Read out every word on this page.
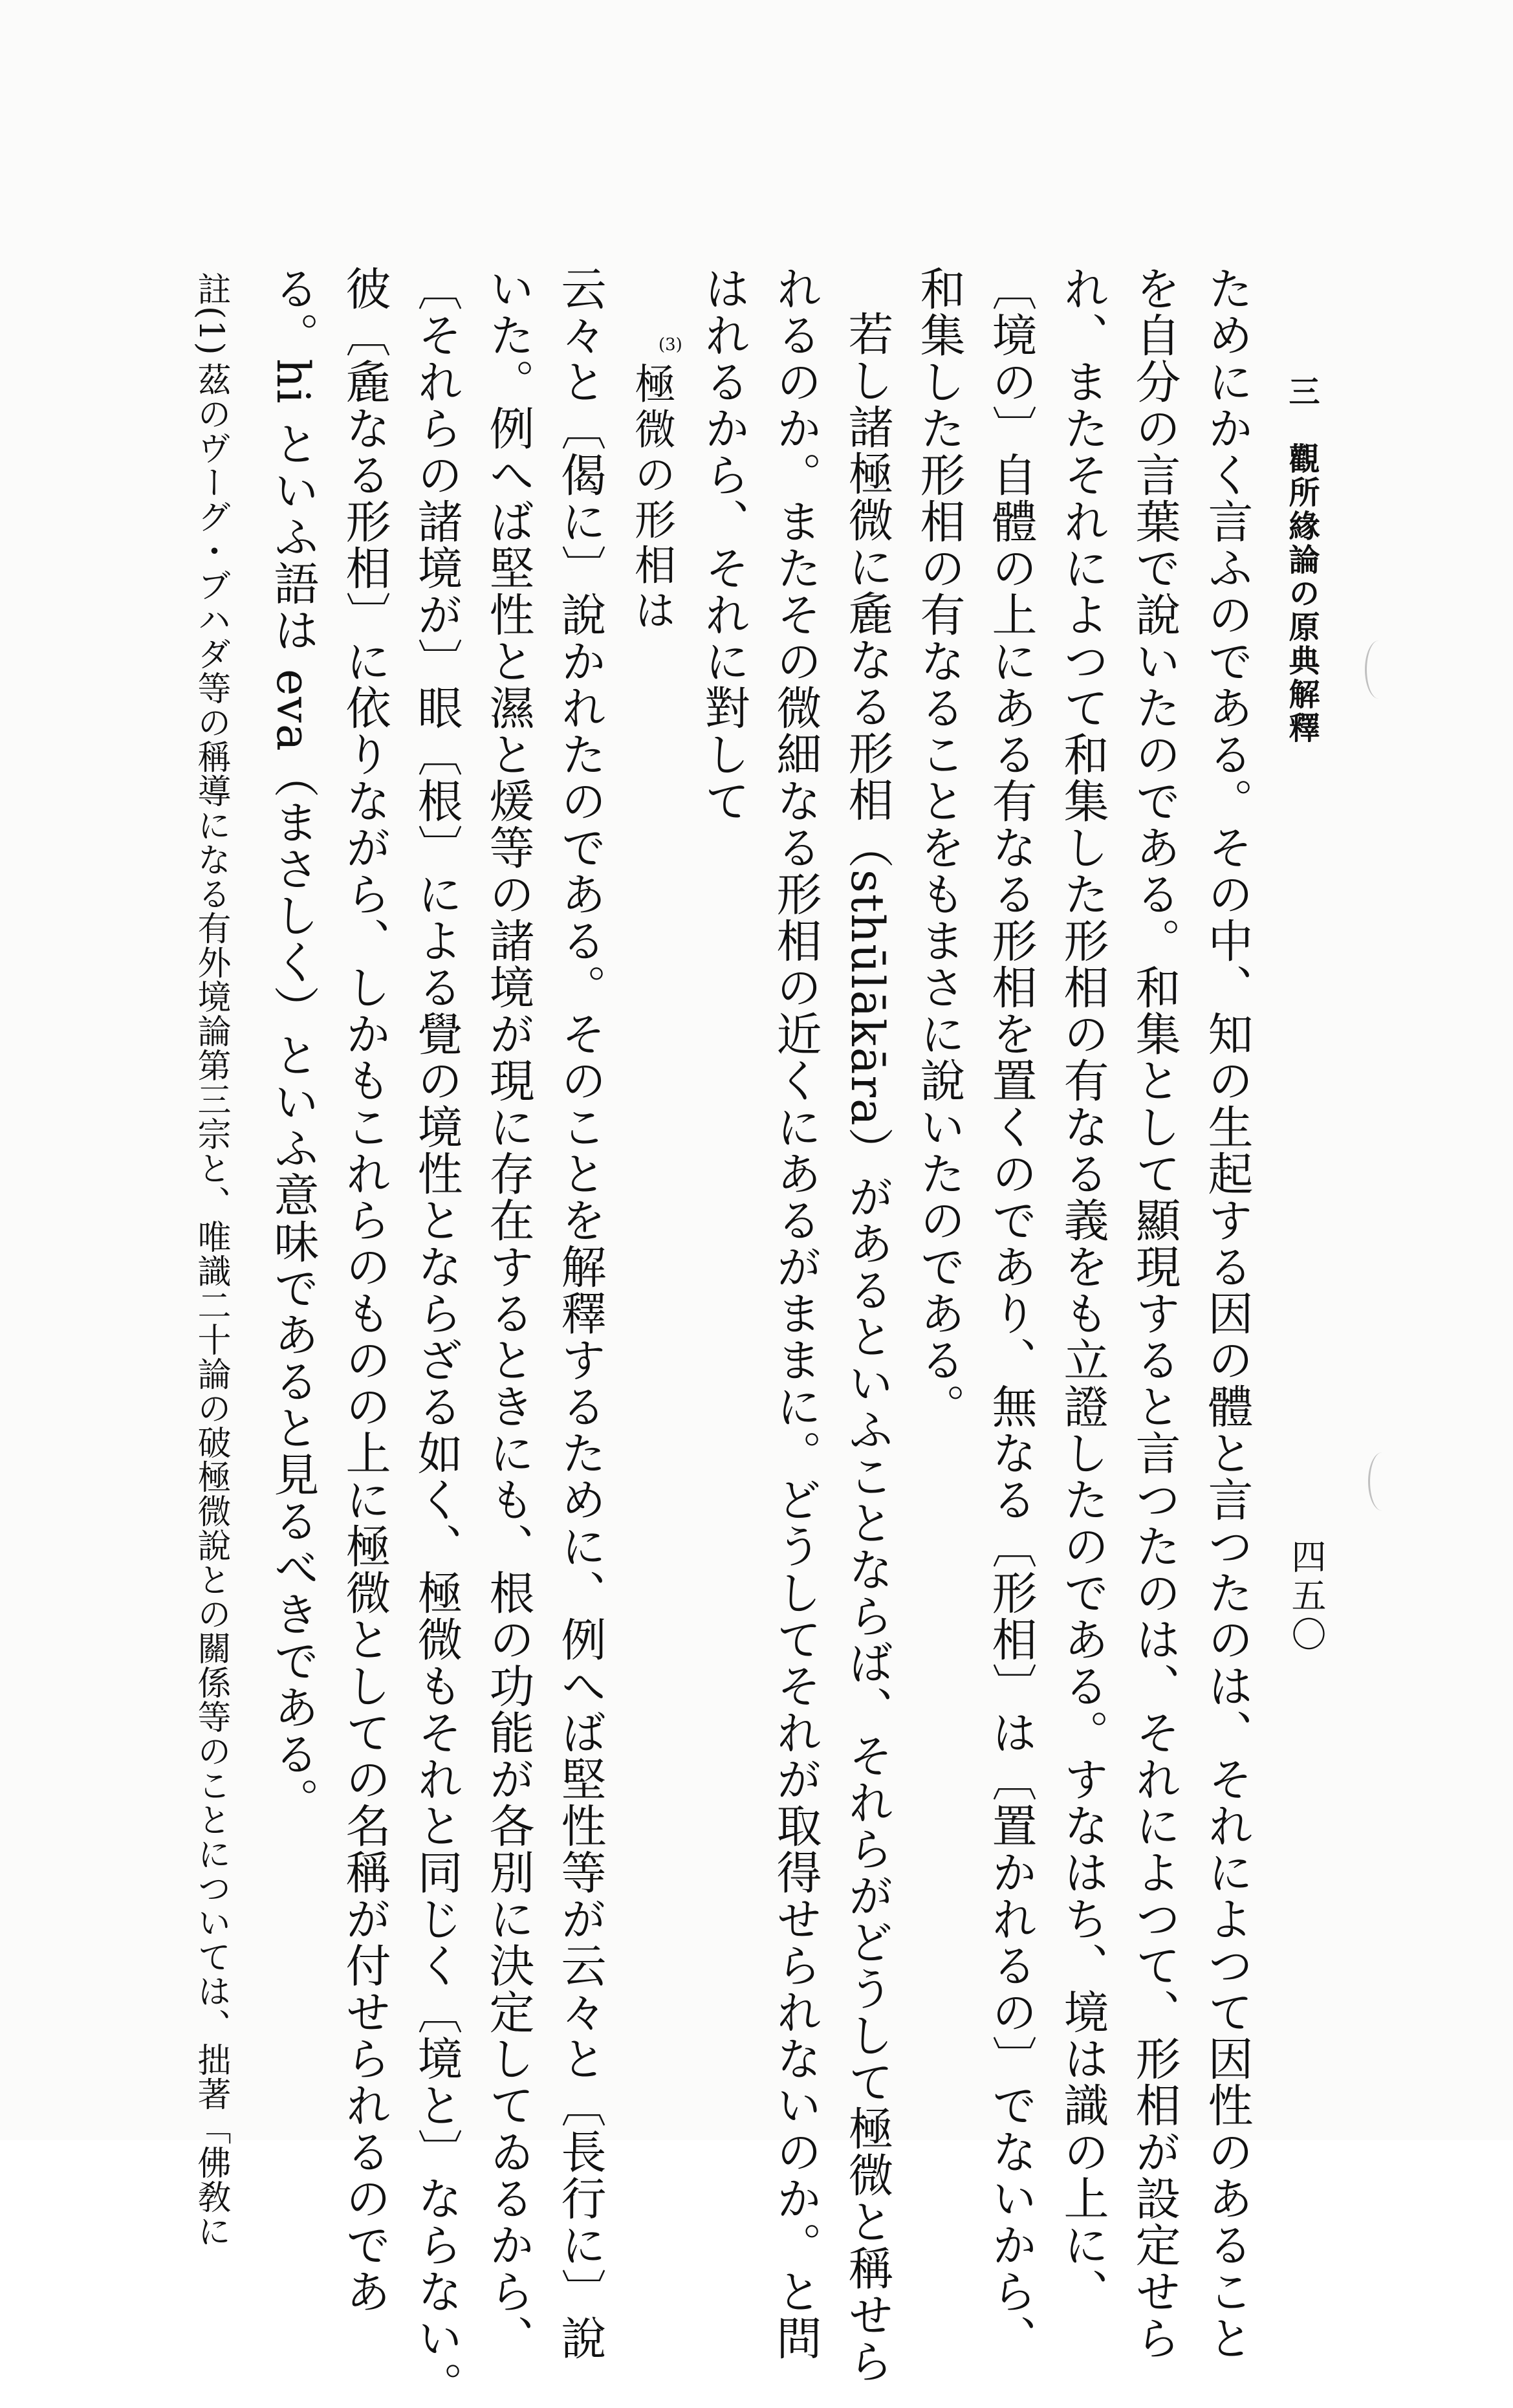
三　觀所緣論の原典解釋
四五〇
ためにかく言ふのである。その中、知の生起する因の體と言つたのは、それによつて因性のあること
を自分の言葉で說いたのである。和集として顯現すると言つたのは、それによつて、形相が設定せら
れ、またそれによつて和集した形相の有なる義をも立證したのである。すなはち、境は識の上に、
〔境の〕自體の上にある有なる形相を置くのであり、無なる〔形相〕は〔置かれるの〕でないから、
和集した形相の有なることをもまさに說いたのである。
若し諸極微に麁なる形相（sthūlākāra）があるといふことならば、それらがどうして極微と稱せら
れるのか。またその微細なる形相の近くにあるがままに。どうしてそれが取得せられないのか。と問
はれるから、それに對して
極微の形相は
(3)
云々と〔偈に〕說かれたのである。そのことを解釋するために、例へば堅性等が云々と〔長行に〕說
いた。例へば堅性と濕と煖等の諸境が現に存在するときにも、根の功能が各別に決定してゐるから、
〔それらの諸境が〕眼〔根〕による覺の境性とならざる如く、極微もそれと同じく〔境と〕ならない。
彼〔麁なる形相〕に依りながら、しかもこれらのものの上に極微としての名稱が付せられるのであ
る。hi といふ語は eva（まさしく）といふ意味であると見るべきである。
註(1)
茲のヴーグ・ブハダ等の稱導になる有外境論第三宗と、唯識二十論の破極微說との關係等のことについては、拙著「佛敎に
